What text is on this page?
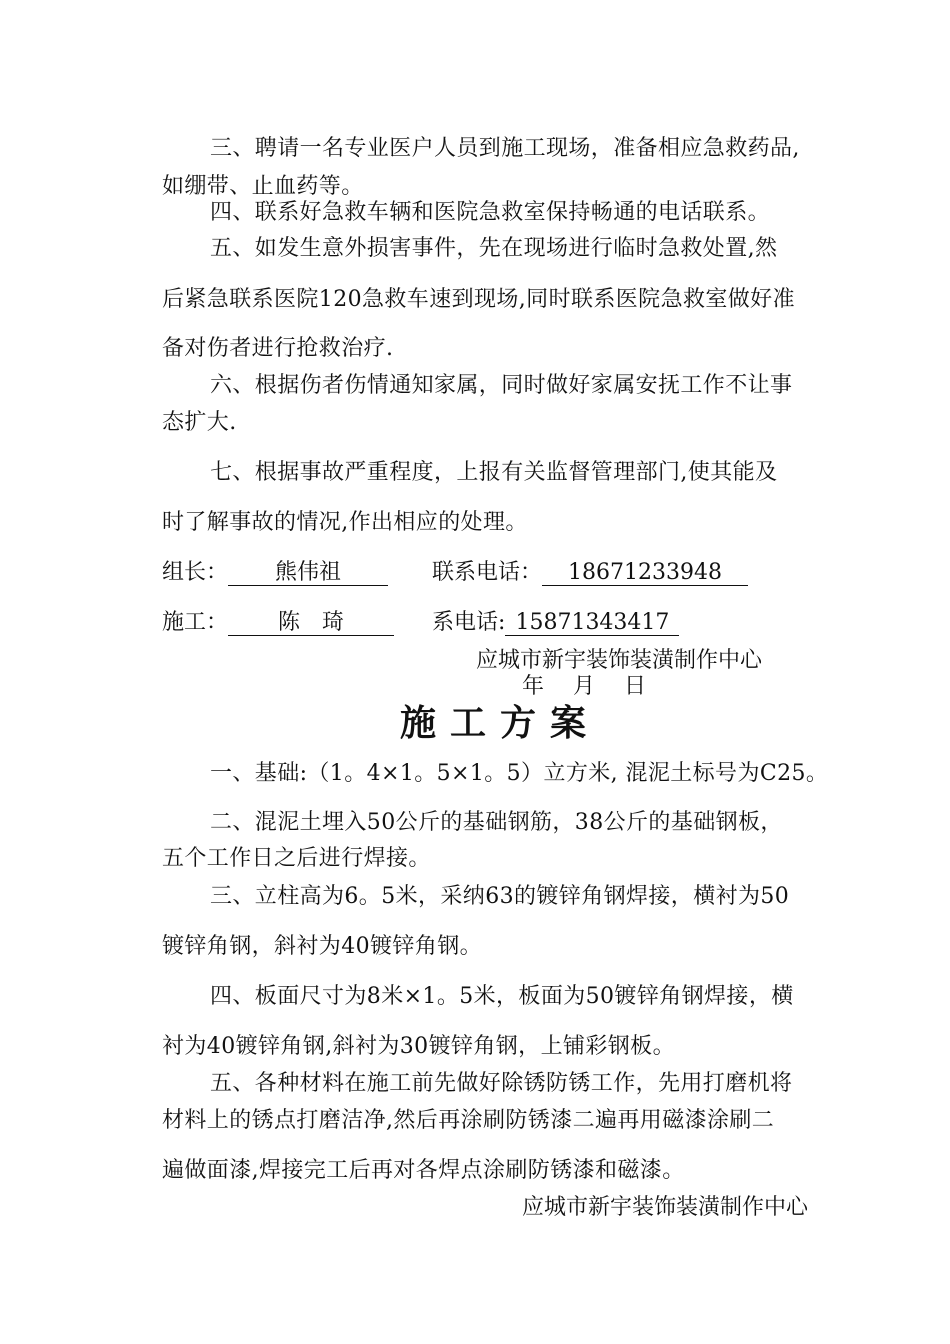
三、聘请一名专业医户人员到施工现场，准备相应急救药品,
如绷带、止血药等。
四、联系好急救车辆和医院急救室保持畅通的电话联系。
五、如发生意外损害事件，先在现场进行临时急救处置,然
后紧急联系医院120急救车速到现场,同时联系医院急救室做好准
备对伤者进行抢救治疗.
六、根据伤者伤情通知家属，同时做好家属安抚工作不让事
态扩大.
七、根据事故严重程度，上报有关监督管理部门,使其能及
时了解事故的情况,作出相应的处理。
组长： 熊伟祖	联系电话： 18671233948
施工： 陈　琦	系电话: 15871343417
应城市新宇装饰装潢制作中心
年　 月　 日
施工方案
一、基础:（1。4×1。5×1。5）立方米, 混泥土标号为C25。
二、混泥土埋入50公斤的基础钢筋，38公斤的基础钢板，
五个工作日之后进行焊接。
三、立柱高为6。5米，采纳63的镀锌角钢焊接，横衬为50
镀锌角钢，斜衬为40镀锌角钢。
四、板面尺寸为8米×1。5米，板面为50镀锌角钢焊接，横
衬为40镀锌角钢,斜衬为30镀锌角钢，上铺彩钢板。
五、各种材料在施工前先做好除锈防锈工作，先用打磨机将
材料上的锈点打磨洁净,然后再涂刷防锈漆二遍再用磁漆涂刷二
遍做面漆,焊接完工后再对各焊点涂刷防锈漆和磁漆。
应城市新宇装饰装潢制作中心
